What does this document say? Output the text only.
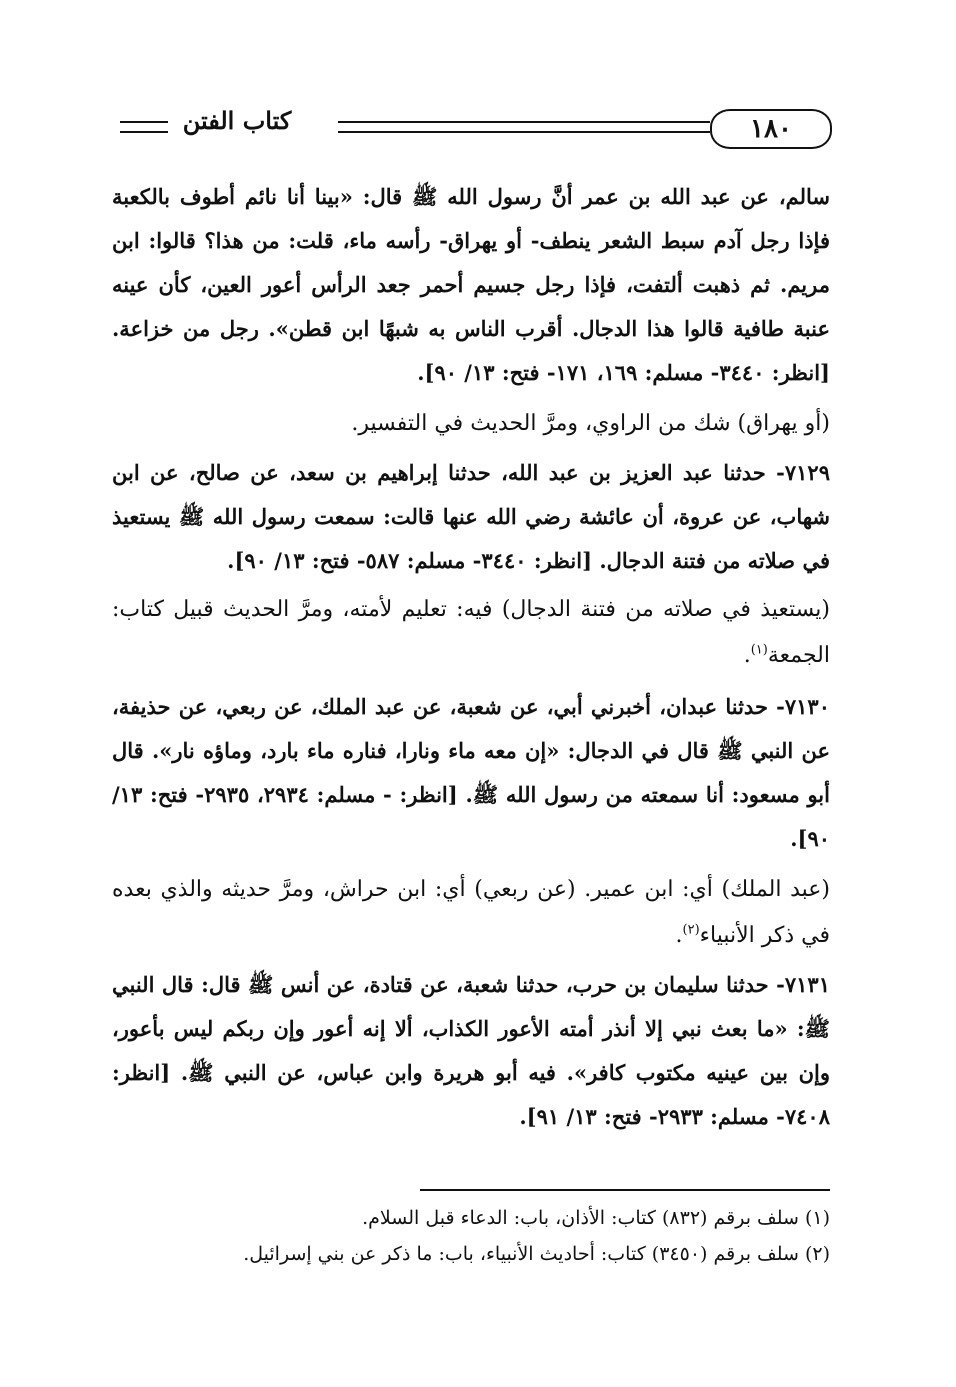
١٨٠
كتاب الفتن

سالم، عن عبد الله بن عمر أنَّ رسول الله ﷺ قال: «بينا أنا نائم أطوف بالكعبة فإذا رجل آدم سبط الشعر ينطف- أو يهراق- رأسه ماء، قلت: من هذا؟ قالوا: ابن مريم. ثم ذهبت ألتفت، فإذا رجل جسيم أحمر جعد الرأس أعور العين، كأن عينه عنبة طافية قالوا هذا الدجال. أقرب الناس به شبهًا ابن قطن». رجل من خزاعة. [انظر: ٣٤٤٠- مسلم: ١٦٩، ١٧١- فتح: ١٣/ ٩٠].

(أو يهراق) شك من الراوي، ومرَّ الحديث في التفسير.

٧١٢٩- حدثنا عبد العزيز بن عبد الله، حدثنا إبراهيم بن سعد، عن صالح، عن ابن شهاب، عن عروة، أن عائشة رضي الله عنها قالت: سمعت رسول الله ﷺ يستعيذ في صلاته من فتنة الدجال. [انظر: ٣٤٤٠- مسلم: ٥٨٧- فتح: ١٣/ ٩٠].

(يستعيذ في صلاته من فتنة الدجال) فيه: تعليم لأمته، ومرَّ الحديث قبيل كتاب: الجمعة$^{(١)}$.

٧١٣٠- حدثنا عبدان، أخبرني أبي، عن شعبة، عن عبد الملك، عن ربعي، عن حذيفة، عن النبي ﷺ قال في الدجال: «إن معه ماء ونارا، فناره ماء بارد، وماؤه نار». قال أبو مسعود: أنا سمعته من رسول الله ﷺ. [انظر: - مسلم: ٢٩٣٤، ٢٩٣٥- فتح: ١٣/ ٩٠].

(عبد الملك) أي: ابن عمير. (عن ربعي) أي: ابن حراش، ومرَّ حديثه والذي بعده في ذكر الأنبياء$^{(٢)}$.

٧١٣١- حدثنا سليمان بن حرب، حدثنا شعبة، عن قتادة، عن أنس ﷺ قال: قال النبي ﷺ: «ما بعث نبي إلا أنذر أمته الأعور الكذاب، ألا إنه أعور وإن ربكم ليس بأعور، وإن بين عينيه مكتوب كافر». فيه أبو هريرة وابن عباس، عن النبي ﷺ. [انظر: ٧٤٠٨- مسلم: ٢٩٣٣- فتح: ١٣/ ٩١].

(١) سلف برقم (٨٣٢) كتاب: الأذان، باب: الدعاء قبل السلام.

(٢) سلف برقم (٣٤٥٠) كتاب: أحاديث الأنبياء، باب: ما ذكر عن بني إسرائيل.
